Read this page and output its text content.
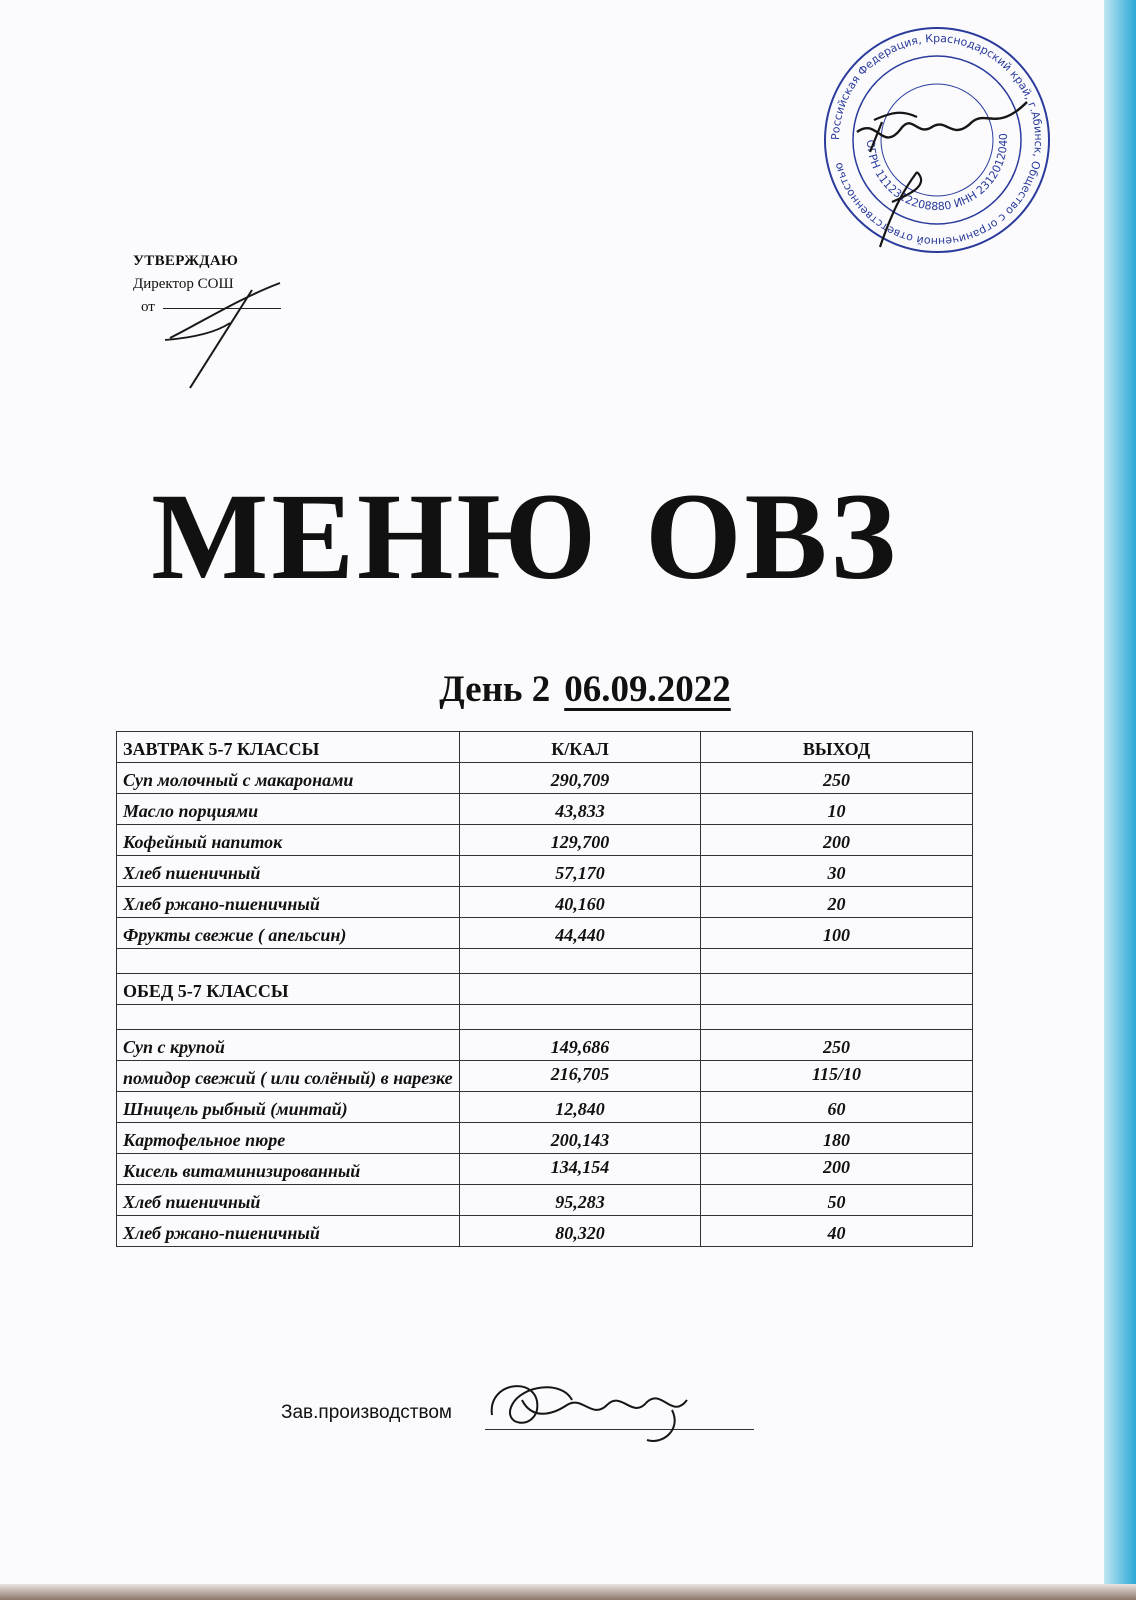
Российская Федерация, Краснодарский край, г.Абинск, Общество с ограниченной ответственностью
ОГРН 1112312208880 ИНН 2312012040
УТВЕРЖДАЮ
Директор СОШ
от
МЕНЮ ОВЗ
День 2 06.09.2022
ЗАВТРАК 5-7 КЛАССЫ	К/КАЛ	ВЫХОД
Суп молочный с макаронами	290,709	250
Масло порциями	43,833	10
Кофейный напиток	129,700	200
Хлеб пшеничный	57,170	30
Хлеб ржано-пшеничный	40,160	20
Фрукты свежие ( апельсин)	44,440	100

ОБЕД 5-7 КЛАССЫ		

Суп с крупой	149,686	250
помидор свежий ( или солёный) в нарезке	216,705	115/10
Шницель рыбный (минтай)	12,840	60
Картофельное пюре	200,143	180
Кисель витаминизированный	134,154	200
Хлеб пшеничный	95,283	50
Хлеб ржано-пшеничный	80,320	40
Зав.производством
